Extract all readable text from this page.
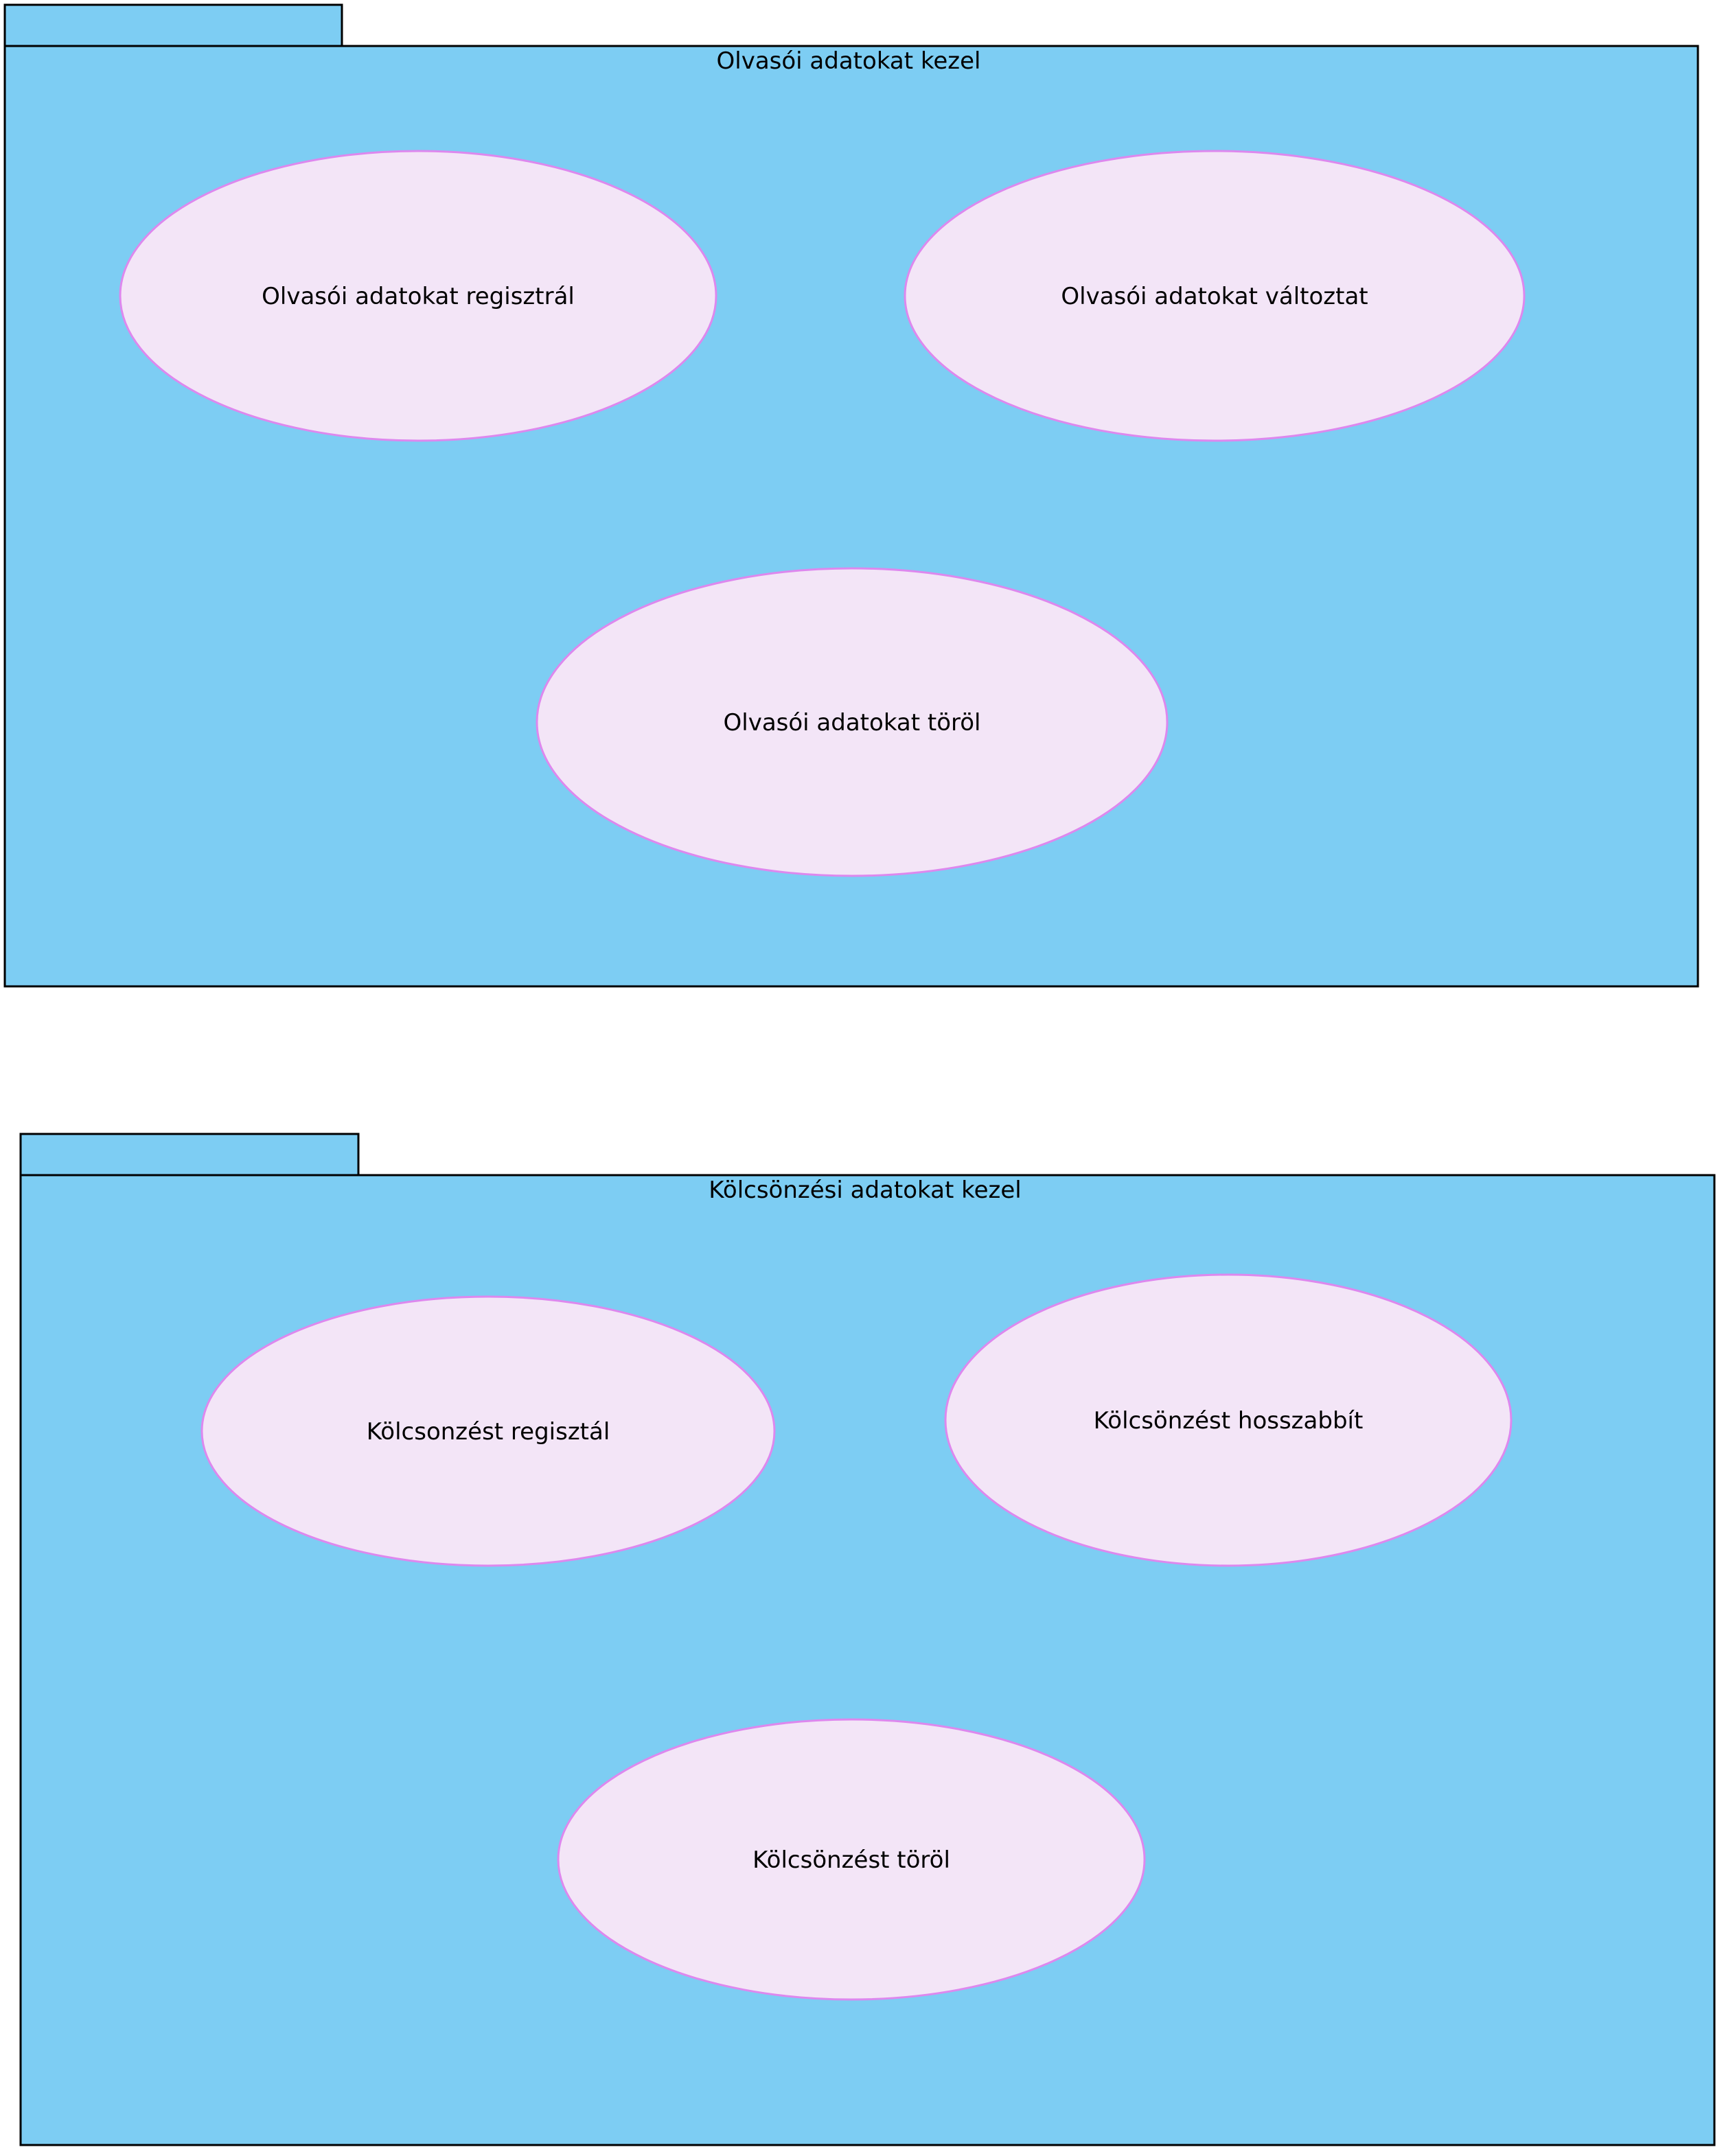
Olvasói adatokat kezel
Olvasói adatokat regisztrál	Olvasói adatokat változtat
Olvasói adatokat töröl
Kölcsönzési adatokat kezel
Kölcsonzést regisztál	Kölcsönzést hosszabbít
Kölcsönzést töröl
